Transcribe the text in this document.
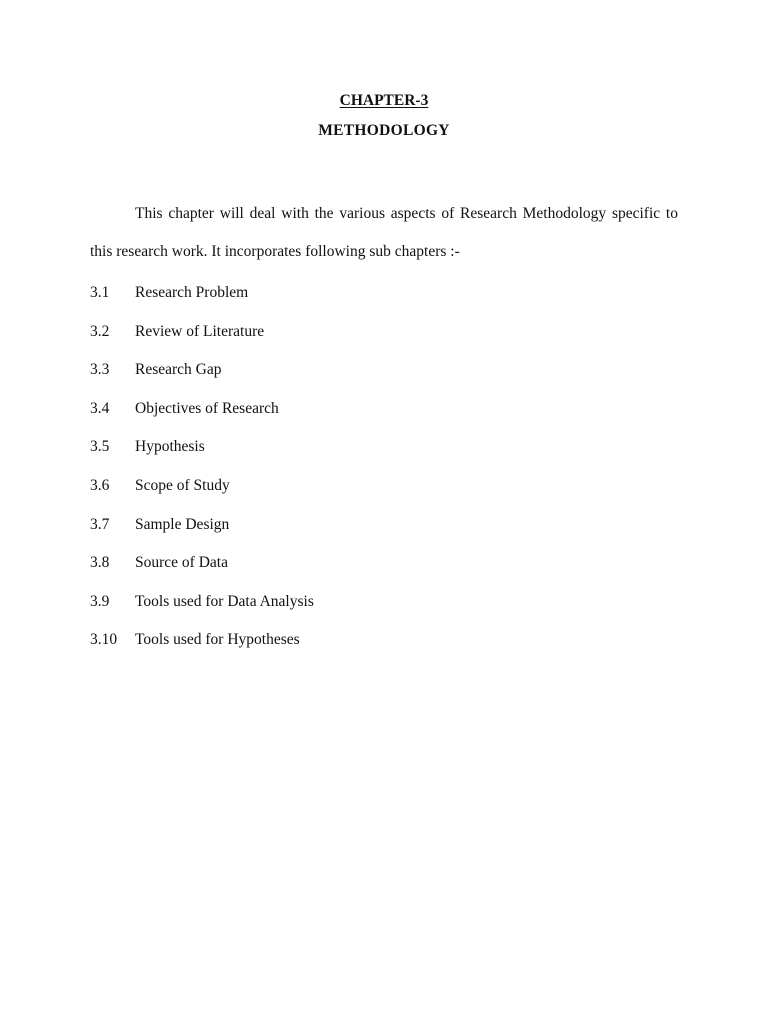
CHAPTER-3
METHODOLOGY

This chapter will deal with the various aspects of Research Methodology specific to this research work. It incorporates following sub chapters :-

3.1	Research Problem
3.2	Review of Literature
3.3	Research Gap
3.4	Objectives of Research
3.5	Hypothesis
3.6	Scope of Study
3.7	Sample Design
3.8	Source of Data
3.9	Tools used for Data Analysis
3.10	Tools used for Hypotheses
